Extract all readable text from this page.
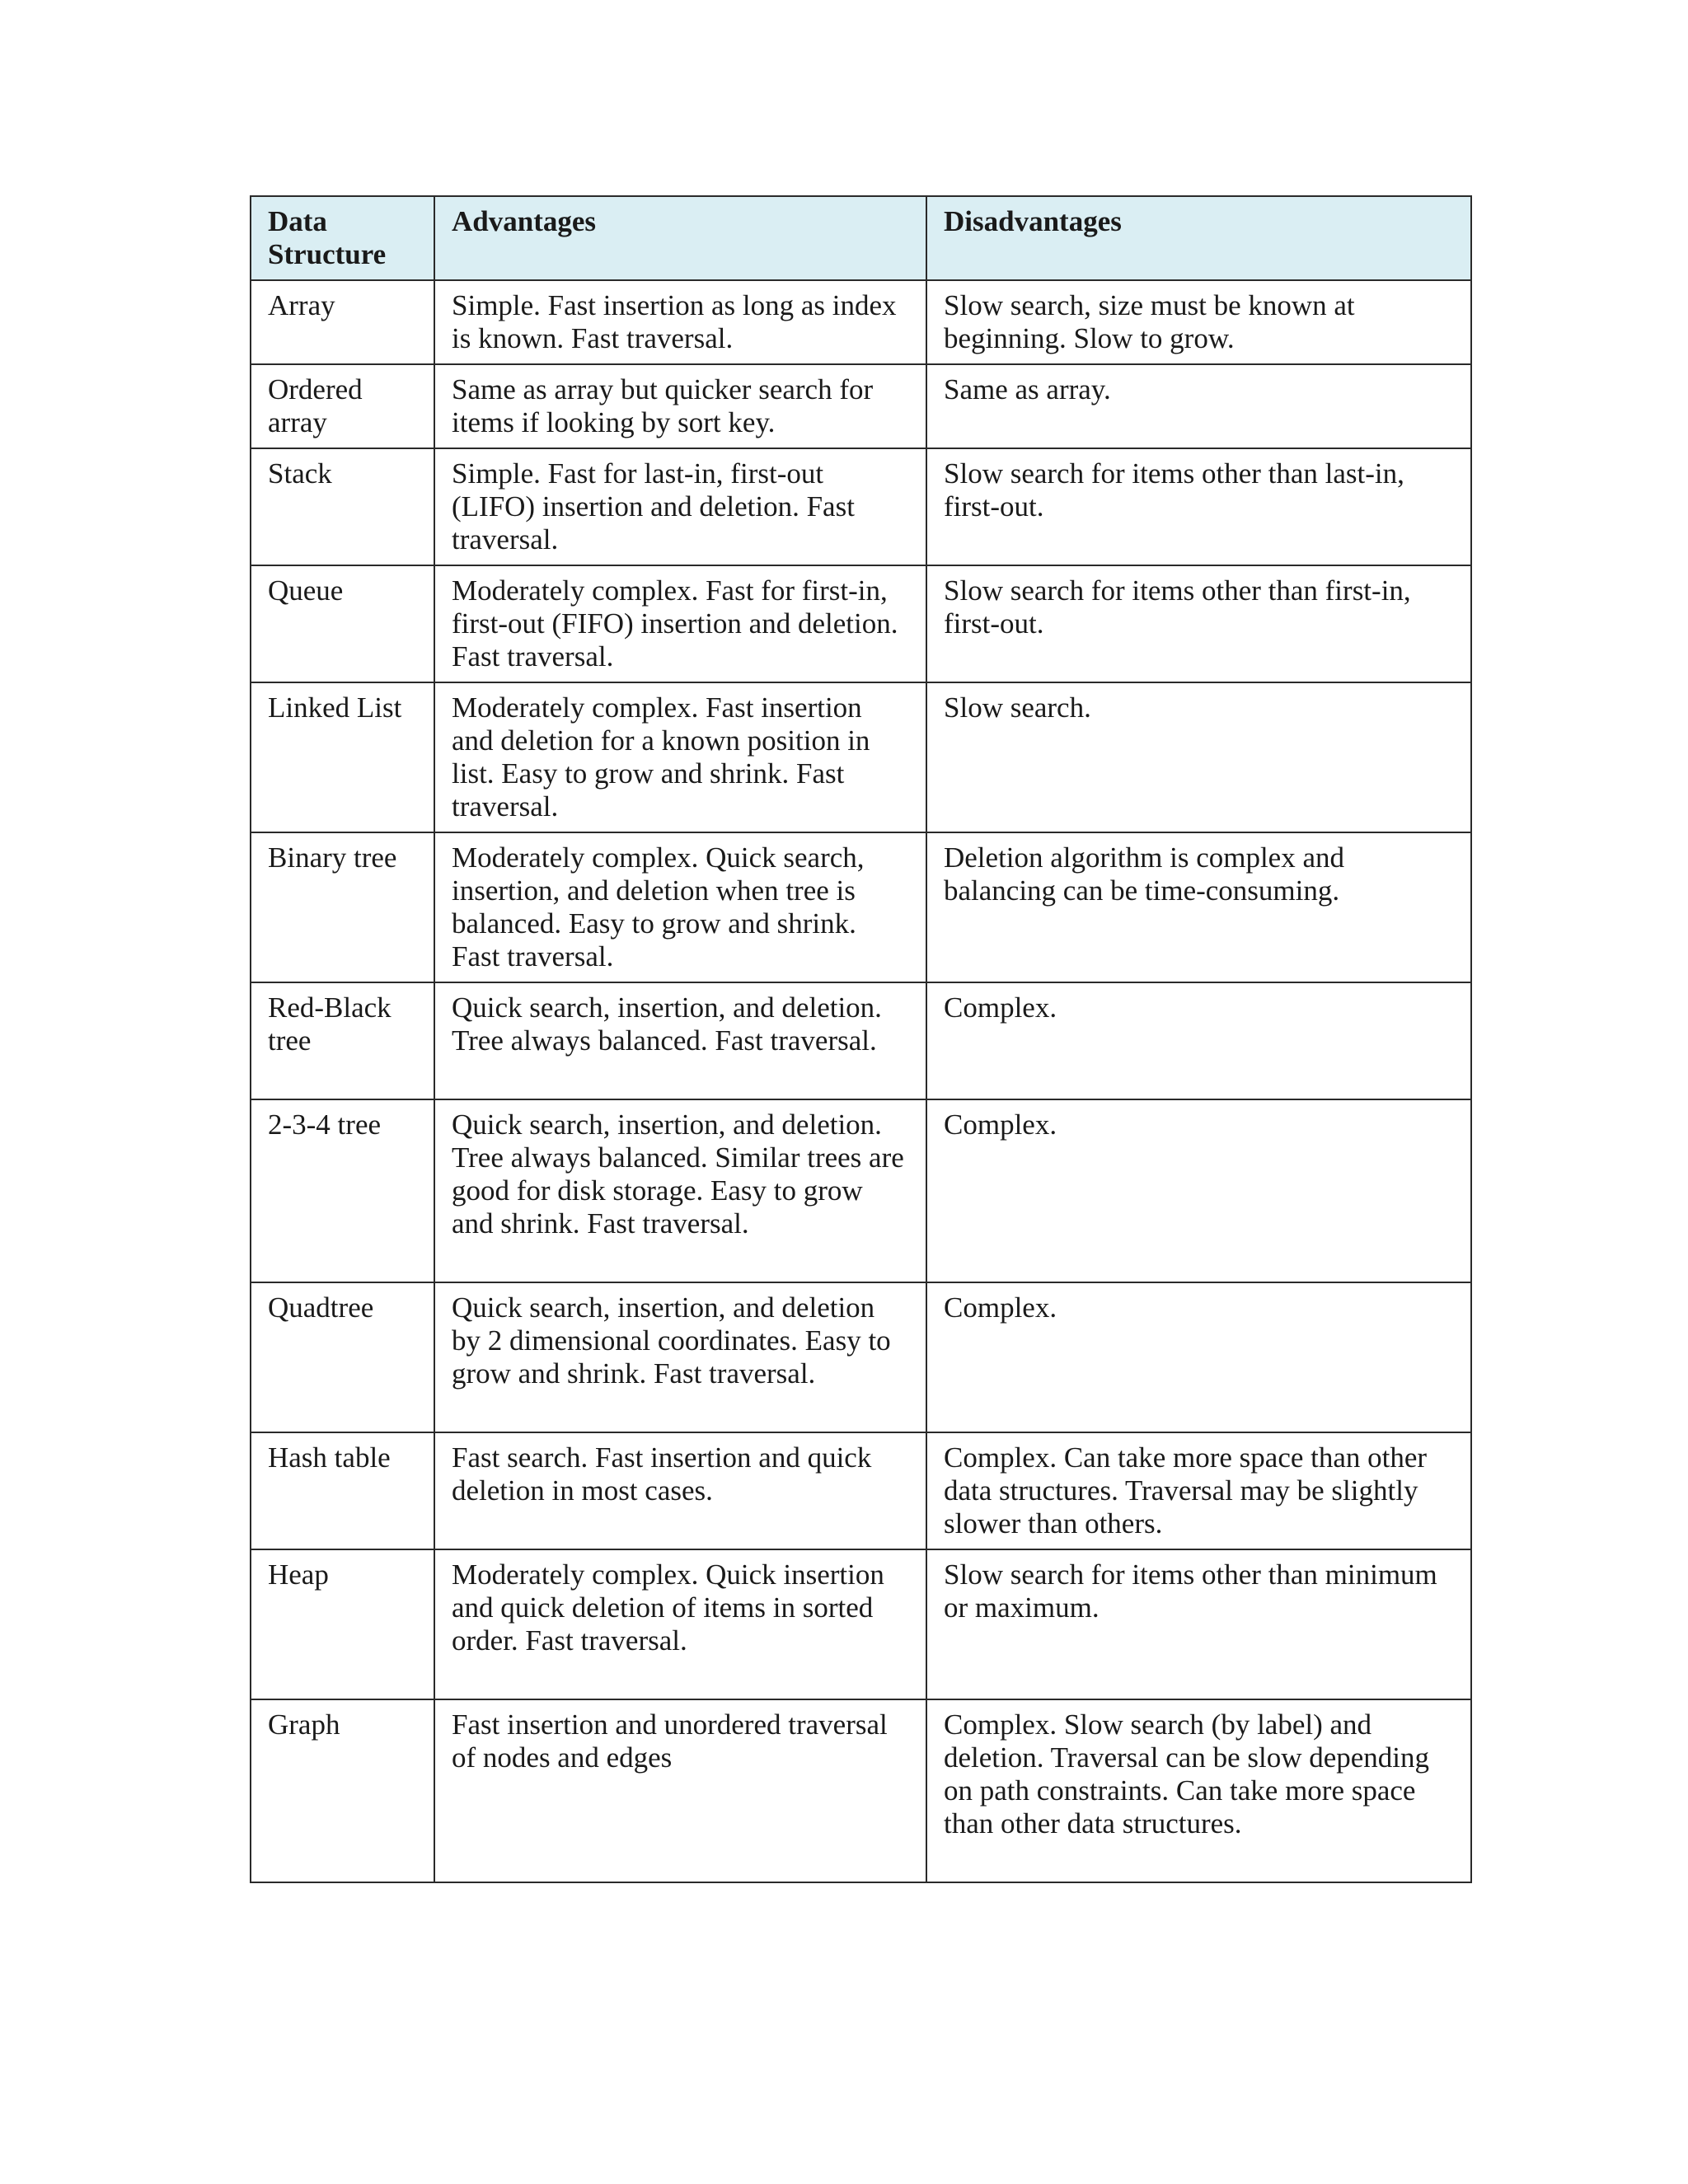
Data Structure	Advantages	Disadvantages
Array	Simple. Fast insertion as long as index is known. Fast traversal.	Slow search, size must be known at beginning. Slow to grow.
Ordered array	Same as array but quicker search for items if looking by sort key.	Same as array.
Stack	Simple. Fast for last-in, first-out (LIFO) insertion and deletion. Fast traversal.	Slow search for items other than last-in, first-out.
Queue	Moderately complex. Fast for first-in, first-out (FIFO) insertion and deletion. Fast traversal.	Slow search for items other than first-in, first-out.
Linked List	Moderately complex. Fast insertion and deletion for a known position in list. Easy to grow and shrink. Fast traversal.	Slow search.
Binary tree	Moderately complex. Quick search, insertion, and deletion when tree is balanced. Easy to grow and shrink. Fast traversal.	Deletion algorithm is complex and balancing can be time-consuming.
Red-Black tree	Quick search, insertion, and deletion. Tree always balanced. Fast traversal.	Complex.
2-3-4 tree	Quick search, insertion, and deletion. Tree always balanced. Similar trees are good for disk storage. Easy to grow and shrink. Fast traversal.	Complex.
Quadtree	Quick search, insertion, and deletion by 2 dimensional coordinates. Easy to grow and shrink. Fast traversal.	Complex.
Hash table	Fast search. Fast insertion and quick deletion in most cases.	Complex. Can take more space than other data structures. Traversal may be slightly slower than others.
Heap	Moderately complex. Quick insertion and quick deletion of items in sorted order. Fast traversal.	Slow search for items other than minimum or maximum.
Graph	Fast insertion and unordered traversal of nodes and edges	Complex. Slow search (by label) and deletion. Traversal can be slow depending on path constraints. Can take more space than other data structures.
